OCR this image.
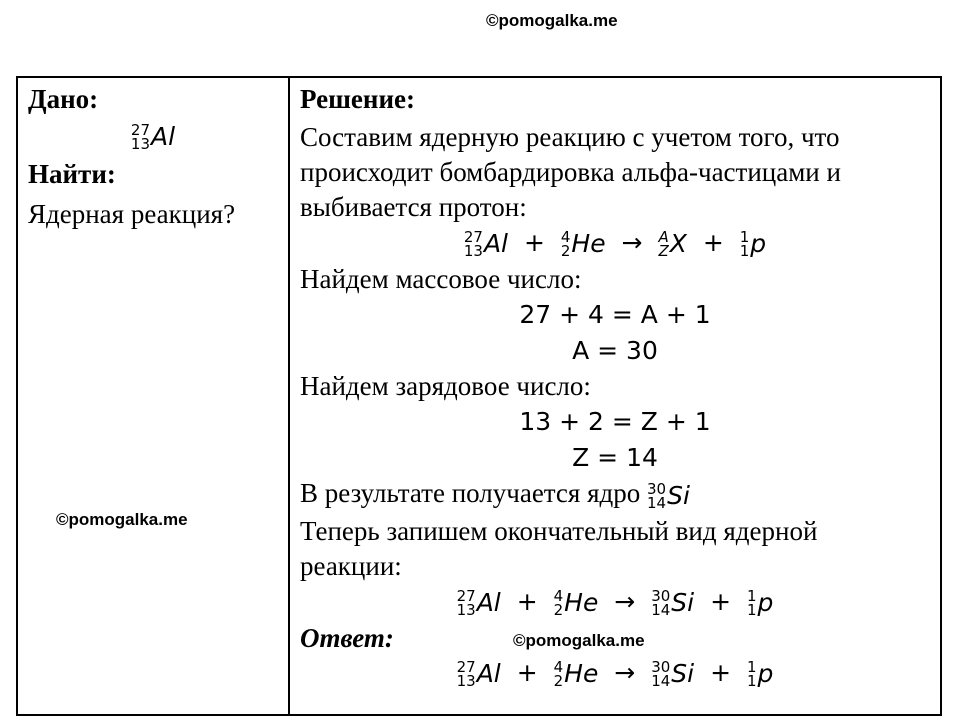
©pomogalka.me
Дано:
27
13 Al
Найти:
Ядерная реакция?
Решение:
Составим ядерную реакцию с учетом того, что
происходит бомбардировка альфа-частицами и
выбивается протон:
27
13 Al + 4
2 He → A
Z X + 1
1 p
Найдем массовое число:
27 + 4 = A + 1
A = 30
Найдем зарядовое число:
13 + 2 = Z + 1
Z = 14
В результате получается ядро 30
14 Si
Теперь запишем окончательный вид ядерной
реакции:
27
13 Al + 4
2 He → 30
14 Si + 1
1 p
Ответ:
27
13 Al + 4
2 He → 30
14 Si + 1
1 p
©pomogalka.me
©pomogalka.me
